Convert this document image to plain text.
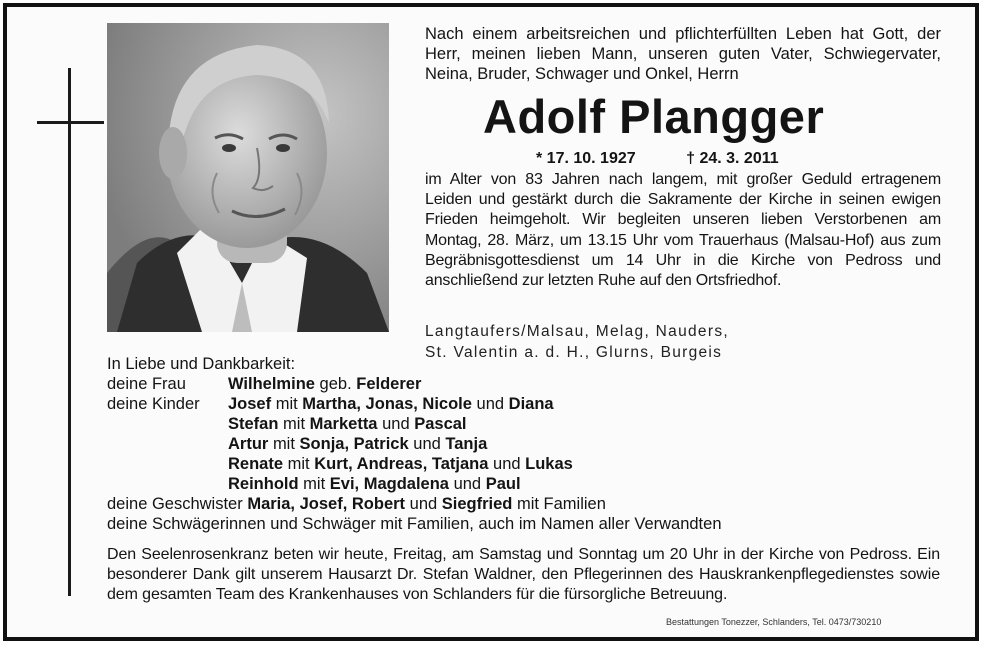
Nach einem arbeitsreichen und pflichterfüllten Leben hat Gott, der Herr, meinen lieben Mann, unseren guten Vater, Schwiegervater, Neina, Bruder, Schwager und Onkel, Herrn
Adolf Plangger
* 17. 10. 1927	† 24. 3. 2011
im Alter von 83 Jahren nach langem, mit großer Geduld ertragenem Leiden und gestärkt durch die Sakramente der Kirche in seinen ewigen Frieden heimgeholt. Wir begleiten unseren lieben Verstorbenen am Montag, 28. März, um 13.15 Uhr vom Trauerhaus (Malsau-Hof) aus zum Begräbnisgottesdienst um 14 Uhr in die Kirche von Pedross und anschließend zur letzten Ruhe auf den Ortsfriedhof.
Langtaufers/Malsau, Melag, Nauders,
St. Valentin a. d. H., Glurns, Burgeis
In Liebe und Dankbarkeit:
deine Frau	Wilhelmine geb. Felderer
deine Kinder Josef mit Martha, Jonas, Nicole und Diana
Stefan mit Marketta und Pascal
Artur mit Sonja, Patrick und Tanja
Renate mit Kurt, Andreas, Tatjana und Lukas
Reinhold mit Evi, Magdalena und Paul
deine Geschwister Maria, Josef, Robert und Siegfried mit Familien
deine Schwägerinnen und Schwäger mit Familien, auch im Namen aller Verwandten
Den Seelenrosenkranz beten wir heute, Freitag, am Samstag und Sonntag um 20 Uhr in der Kirche von Pedross. Ein besonderer Dank gilt unserem Hausarzt Dr. Stefan Waldner, den Pflegerinnen des Hauskrankenpflegedienstes sowie dem gesamten Team des Krankenhauses von Schlanders für die fürsorgliche Betreuung.
Bestattungen Tonezzer, Schlanders, Tel. 0473/730210
